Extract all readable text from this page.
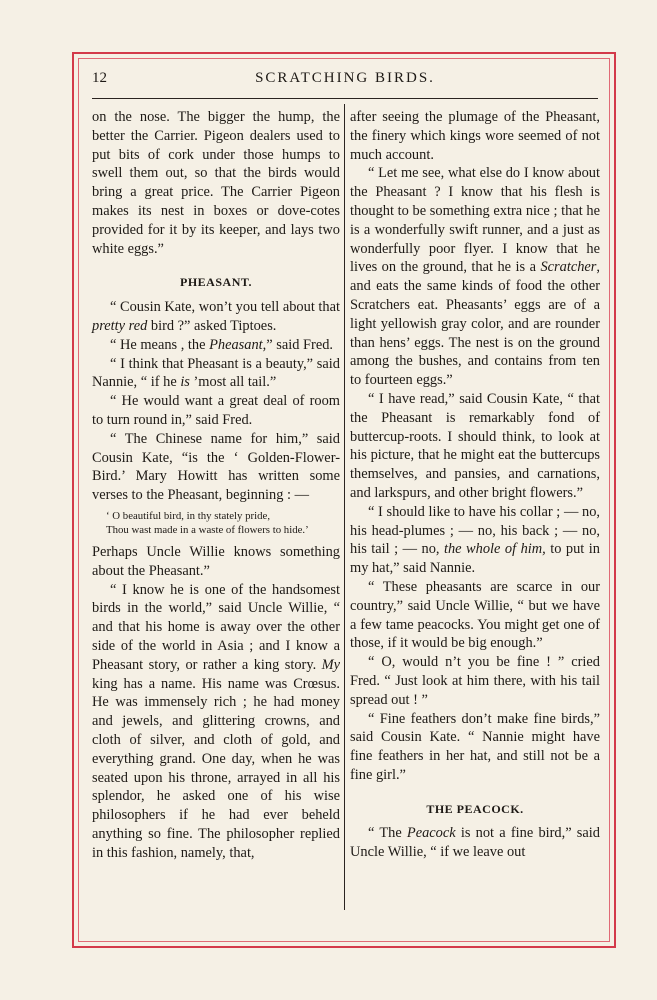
12	SCRATCHING BIRDS.

on the nose. The bigger the hump, the better the Carrier. Pigeon dealers used to put bits of cork under those humps to swell them out, so that the birds would bring a great price. The Carrier Pigeon makes its nest in boxes or dove-cotes provided for it by its keeper, and lays two white eggs.”

PHEASANT.

“ Cousin Kate, won’t you tell about that pretty red bird ?” asked Tiptoes.

“ He means , the Pheasant,” said Fred.

“ I think that Pheasant is a beauty,” said Nannie, “ if he is ’most all tail.”

“ He would want a great deal of room to turn round in,” said Fred.

“ The Chinese name for him,” said Cousin Kate, “is the ‘ Golden-Flower-Bird.’ Mary Howitt has written some verses to the Pheasant, beginning : —

‘ O beautiful bird, in thy stately pride,
Thou wast made in a waste of flowers to hide.’

Perhaps Uncle Willie knows something about the Pheasant.”

“ I know he is one of the handsomest birds in the world,” said Uncle Willie, “ and that his home is away over the other side of the world in Asia ; and I know a Pheasant story, or rather a king story. My king has a name. His name was Crœsus. He was immensely rich ; he had money and jewels, and glittering crowns, and cloth of silver, and cloth of gold, and everything grand. One day, when he was seated upon his throne, arrayed in all his splendor, he asked one of his wise philosophers if he had ever beheld anything so fine. The philosopher replied in this fashion, namely, that,

after seeing the plumage of the Pheasant, the finery which kings wore seemed of not much account.

“ Let me see, what else do I know about the Pheasant ? I know that his flesh is thought to be something extra nice ; that he is a wonderfully swift runner, and a just as wonderfully poor flyer. I know that he lives on the ground, that he is a Scratcher, and eats the same kinds of food the other Scratchers eat. Pheasants’ eggs are of a light yellowish gray color, and are rounder than hens’ eggs. The nest is on the ground among the bushes, and contains from ten to fourteen eggs.”

“ I have read,” said Cousin Kate, “ that the Pheasant is remarkably fond of buttercup-roots. I should think, to look at his picture, that he might eat the buttercups themselves, and pansies, and carnations, and larkspurs, and other bright flowers.”

“ I should like to have his collar ; — no, his head-plumes ; — no, his back ; — no, his tail ; — no, the whole of him, to put in my hat,” said Nannie.

“ These pheasants are scarce in our country,” said Uncle Willie, “ but we have a few tame peacocks. You might get one of those, if it would be big enough.”

“ O, would n’t you be fine ! ” cried Fred. “ Just look at him there, with his tail spread out ! ”

“ Fine feathers don’t make fine birds,” said Cousin Kate. “ Nannie might have fine feathers in her hat, and still not be a fine girl.”

THE PEACOCK.

“ The Peacock is not a fine bird,” said Uncle Willie, “ if we leave out
